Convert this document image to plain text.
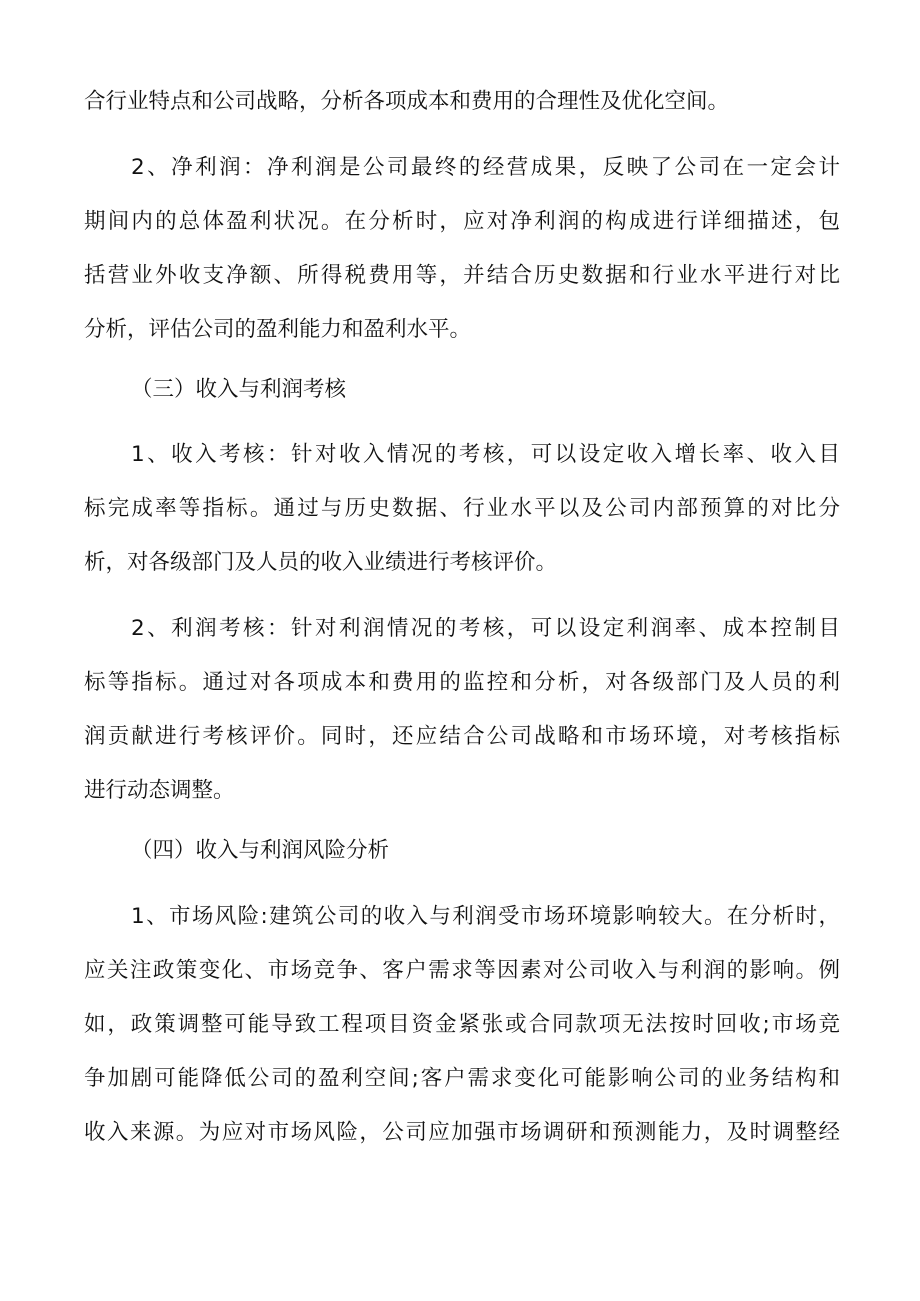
合行业特点和公司战略，分析各项成本和费用的合理性及优化空间。
2、净利润：净利润是公司最终的经营成果，反映了公司在一定会计
期间内的总体盈利状况。在分析时，应对净利润的构成进行详细描述，包
括营业外收支净额、所得税费用等，并结合历史数据和行业水平进行对比
分析，评估公司的盈利能力和盈利水平。
（三）收入与利润考核
1、收入考核：针对收入情况的考核，可以设定收入增长率、收入目
标完成率等指标。通过与历史数据、行业水平以及公司内部预算的对比分
析，对各级部门及人员的收入业绩进行考核评价。
2、利润考核：针对利润情况的考核，可以设定利润率、成本控制目
标等指标。通过对各项成本和费用的监控和分析，对各级部门及人员的利
润贡献进行考核评价。同时，还应结合公司战略和市场环境，对考核指标
进行动态调整。
（四）收入与利润风险分析
1、市场风险:建筑公司的收入与利润受市场环境影响较大。在分析时，
应关注政策变化、市场竞争、客户需求等因素对公司收入与利润的影响。例
如，政策调整可能导致工程项目资金紧张或合同款项无法按时回收;市场竞
争加剧可能降低公司的盈利空间;客户需求变化可能影响公司的业务结构和
收入来源。为应对市场风险，公司应加强市场调研和预测能力，及时调整经
